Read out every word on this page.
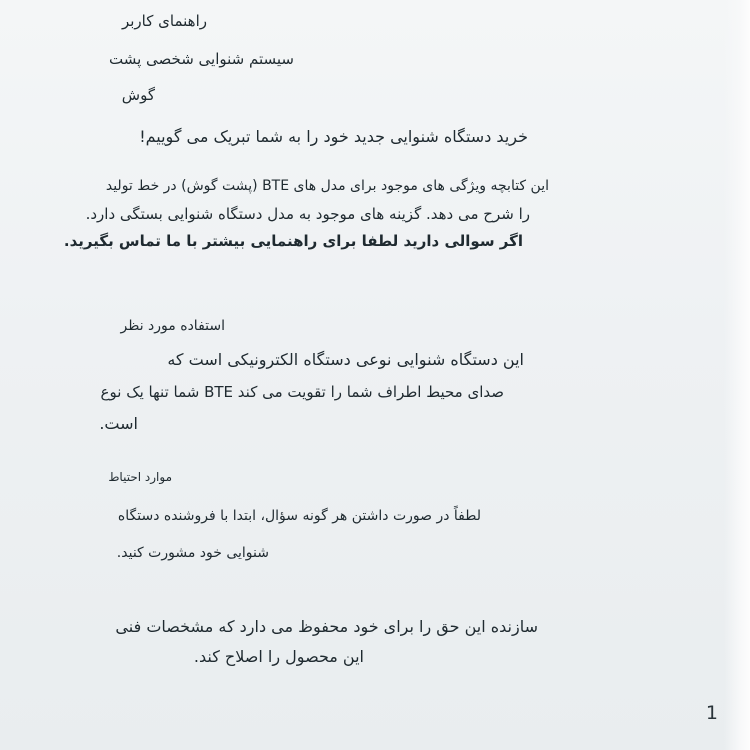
راهنمای کاربر
سیستم شنوایی شخصی پشت
گوش
خرید دستگاه شنوایی جدید خود را به شما تبریک می گوییم!
این کتابچه ویژگی های موجود برای مدل های BTE (پشت گوش) در خط تولید
را شرح می دهد. گزینه های موجود به مدل دستگاه شنوایی بستگی دارد.
اگر سوالی دارید لطفا برای راهنمایی بیشتر با ما تماس بگیرید.
استفاده مورد نظر
این دستگاه شنوایی نوعی دستگاه الکترونیکی است که
صدای محیط اطراف شما را تقویت می کند BTE شما تنها یک نوع
است.
موارد احتیاط
لطفاً در صورت داشتن هر گونه سؤال، ابتدا با فروشنده دستگاه
شنوایی خود مشورت کنید.
سازنده این حق را برای خود محفوظ می دارد که مشخصات فنی
این محصول را اصلاح کند.
1
